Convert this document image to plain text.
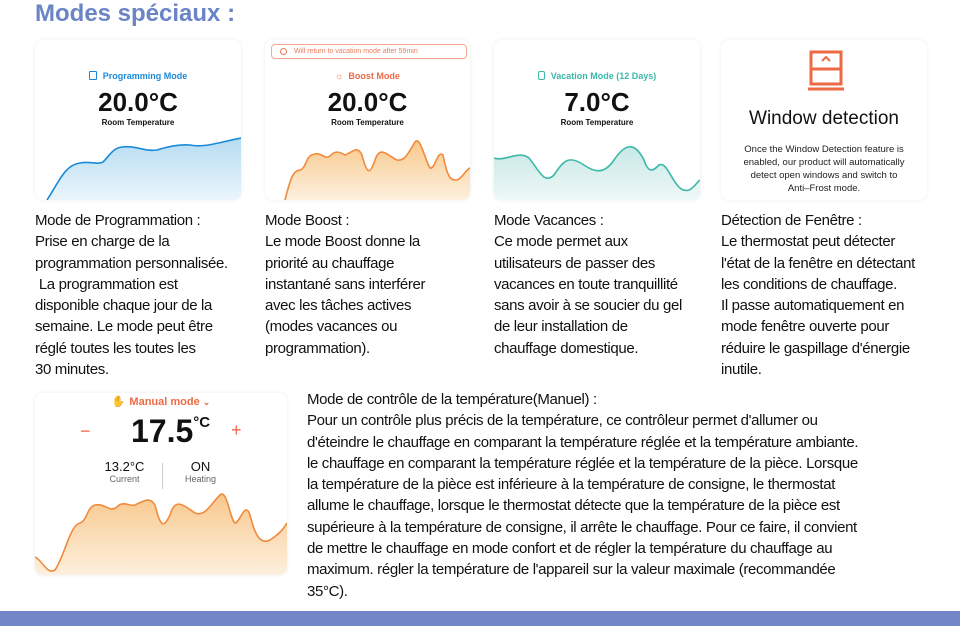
Modes spéciaux :
Programming Mode
20.0°C
Room Temperature
Will return to vacation mode after 59min
☼ Boost Mode
20.0°C
Room Temperature
Vacation Mode (12 Days)
7.0°C
Room Temperature	Window detection
Once the Window Detection feature is
enabled, our product will automatically
detect open windows and switch to
Anti–Frost mode.
Mode de Programmation :
Prise en charge de la
programmation personnalisée.
La programmation est
disponible chaque jour de la
semaine. Le mode peut être
réglé toutes les toutes les
30 minutes.
Mode Boost :
Le mode Boost donne la
priorité au chauffage
instantané sans interférer
avec les tâches actives
(modes vacances ou
programmation).
Mode Vacances :
Ce mode permet aux
utilisateurs de passer des
vacances en toute tranquillité
sans avoir à se soucier du gel
de leur installation de
chauffage domestique.
Détection de Fenêtre :
Le thermostat peut détecter
l'état de la fenêtre en détectant
les conditions de chauffage.
Il passe automatiquement en
mode fenêtre ouverte pour
réduire le gaspillage d'énergie
inutile.
✋ Manual mode ⌄
− $17.5^{^\circ C}$ +
13.2°C
Current
ON
Heating
Mode de contrôle de la température(Manuel) :
Pour un contrôle plus précis de la température, ce contrôleur permet d'allumer ou
d'éteindre le chauffage en comparant la température réglée et la température ambiante.
le chauffage en comparant la température réglée et la température de la pièce. Lorsque
la température de la pièce est inférieure à la température de consigne, le thermostat
allume le chauffage, lorsque le thermostat détecte que la température de la pièce est
supérieure à la température de consigne, il arrête le chauffage. Pour ce faire, il convient
de mettre le chauffage en mode confort et de régler la température du chauffage au
maximum. régler la température de l'appareil sur la valeur maximale (recommandée
35°C).
